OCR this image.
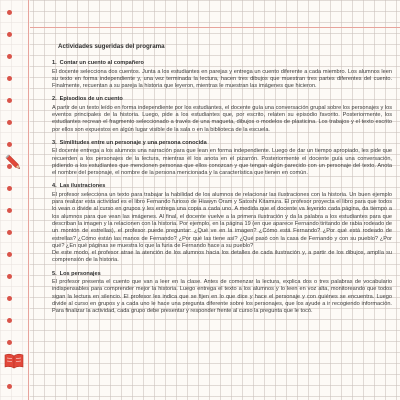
Actividades sugeridas del programa
1. Contar un cuento al compañero

El docente selecciona dos cuentos. Junta a los estudiantes en parejas y entrega un cuento diferente a cada miembro. Los alumnos leen su texto en forma independiente y, una vez terminada la lectura, hacen tres dibujos que muestran tres partes diferentes del cuento. Finalmente, recuentan a su pareja la historia que leyeron, mientras le muestran las imágenes que hicieron.

2. Episodios de un cuento

A partir de un texto leído en forma independiente por los estudiantes, el docente guía una conversación grupal sobre los personajes y los eventos principales de la historia. Luego, pide a los estudiantes que, por escrito, relaten su episodio favorito. Posteriormente, los estudiantes recrean el fragmento seleccionado a través de una maqueta, dibujos o modelos de plasticina. Los trabajos y el texto escrito por ellos son expuestos en algún lugar visible de la sala o en la biblioteca de la escuela.

3. Similitudes entre un personaje y una persona conocida

El docente entrega a los alumnos una narración para que lean en forma independiente. Luego de dar un tiempo apropiado, les pide que recuerden a los personajes de la lectura, mientras él los anota en el pizarrón. Posteriormente el docente guía una conversación, pidiendo a los estudiantes que mencionen personas que ellos conozcan y que tengan algún parecido con un personaje del texto. Anota el nombre del personaje, el nombre de la persona mencionada y la característica que tienen en común.

4. Las ilustraciones

El profesor selecciona un texto para trabajar la habilidad de los alumnos de relacionar las ilustraciones con la historia. Un buen ejemplo para realizar esta actividad es el libro Fernando furioso de Hiawyn Oram y Satoshi Kitamura. El profesor proyecta el libro para que todos lo vean o divide al curso en grupos y les entrega una copia a cada uno. A medida que el docente va leyendo cada página, da tiempo a los alumnos para que vean las imágenes. Al final, el docente vuelve a la primera ilustración y da la palabra a los estudiantes para que describan la imagen y la relacionen con la historia. Por ejemplo, en la página 19 (en que aparece Fernando tiritando de rabia rodeado de un montón de estrellas), el profesor puede preguntar: ¿Qué ve en la imagen? ¿Cómo está Fernando? ¿Por qué está rodeado de estrellas? ¿Cómo están las manos de Fernando? ¿Por qué las tiene así? ¿Qué pasó con la casa de Fernando y con su pueblo? ¿Por qué? ¿En qué páginas se muestra lo que la furia de Fernando hace a su pueblo?
De este modo, el profesor atrae la atención de los alumnos hacia los detalles de cada ilustración y, a partir de los dibujos, amplía su comprensión de la historia.

5. Los personajes

El profesor presenta el cuento que van a leer en la clase. Antes de comenzar la lectura, explica dos o tres palabras de vocabulario indispensables para comprender mejor la historia. Luego entrega el texto a los alumnos y lo leen en voz alta, monitoreando que todos sigan la lectura en silencio. El profesor les indica que se fijen en lo que dice y hace el personaje y con quiénes se encuentra. Luego divide al curso en grupos y a cada uno le hace una pregunta diferente sobre los personajes, que los ayude a ir recogiendo información. Para finalizar la actividad, cada grupo debe presentar y responder frente al curso la pregunta que le tocó.
